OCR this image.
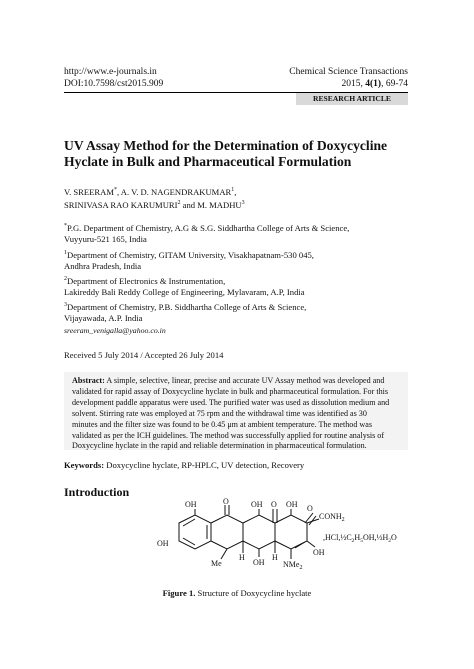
http://www.e-journals.in
DOI:10.7598/cst2015.909
Chemical Science Transactions
2015, 4(1), 69-74
RESEARCH ARTICLE
UV Assay Method for the Determination of Doxycycline
Hyclate in Bulk and Pharmaceutical Formulation
V. SREERAM*, A. V. D. NAGENDRAKUMAR$^1$,
SRINIVASA RAO KARUMURI$^2$ and M. MADHU$^3$
*P.G. Department of Chemistry, A.G & S.G. Siddhartha College of Arts & Science,
Vuyyuru-521 165, India
$^1$Department of Chemistry, GITAM University, Visakhapatnam-530 045,
Andhra Pradesh, India
$^2$Department of Electronics & Instrumentation,
Lakireddy Bali Reddy College of Engineering, Mylavaram, A.P, India
$^3$Department of Chemistry, P.B. Siddhartha College of Arts & Science,
Vijayawada, A.P. India
sreeram_venigalla@yahoo.co.in
Received 5 July 2014 / Accepted 26 July 2014
Abstract: A simple, selective, linear, precise and accurate UV Assay method was developed and
validated for rapid assay of Doxycycline hyclate in bulk and pharmaceutical formulation. For this
development paddle apparatus were used. The purified water was used as dissolution medium and
solvent. Stirring rate was employed at 75 rpm and the withdrawal time was identified as 30
minutes and the filter size was found to be 0.45 μm at ambient temperature. The method was
validated as per the ICH guidelines. The method was successfully applied for routine analysis of
Doxycycline hyclate in the rapid and reliable determination in pharmaceutical formulation.
Keywords: Doxycycline hyclate, RP-HPLC, UV detection, Recovery
Introduction
OH	O	OH O OH
OH
OH
OH
H	H
O
$CONH_2$
Me	NMe$_2$
$,HCl,\frac{1}{2}C_2H_5OH,\frac{1}{2}H_2O$
Figure 1. Structure of Doxycycline hyclate
